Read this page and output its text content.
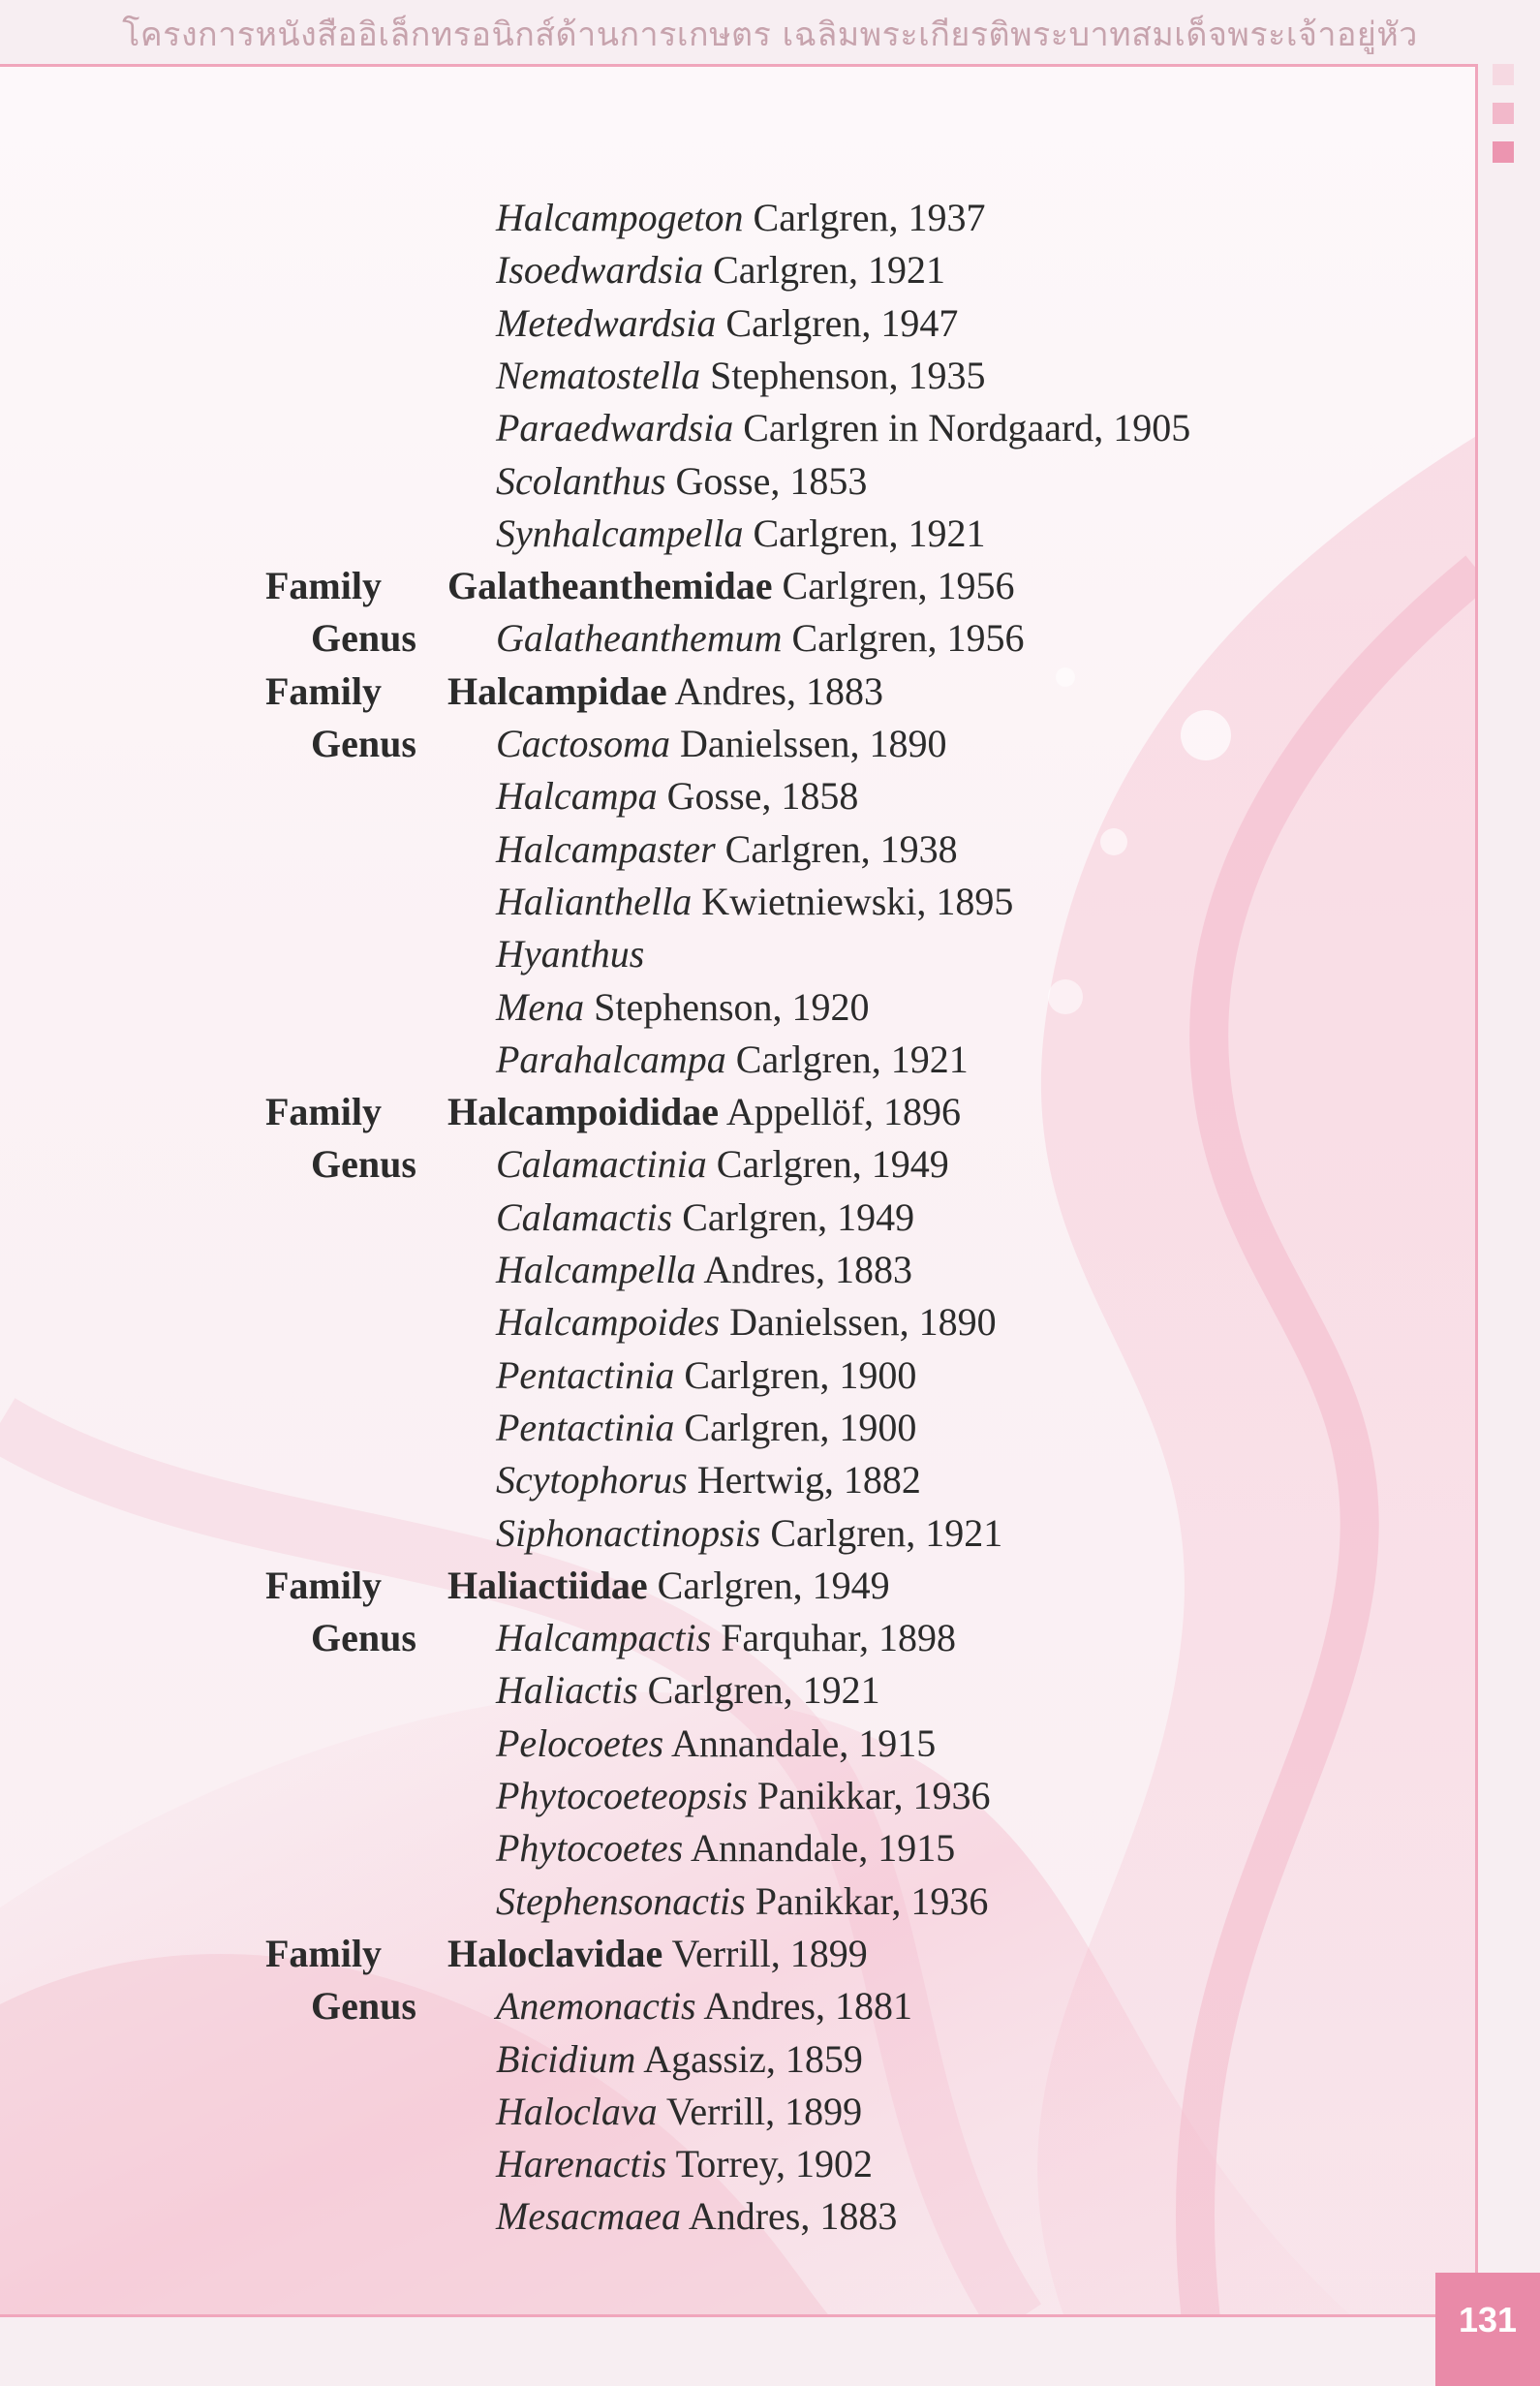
โครงการหนังสืออิเล็กทรอนิกส์ด้านการเกษตร เฉลิมพระเกียรติพระบาทสมเด็จพระเจ้าอยู่หัว
Halcampogeton Carlgren, 1937
Isoedwardsia Carlgren, 1921
Metedwardsia Carlgren, 1947
Nematostella Stephenson, 1935
Paraedwardsia Carlgren in Nordgaard, 1905
Scolanthus Gosse, 1853
Synhalcampella Carlgren, 1921
Family Galatheanthemidae Carlgren, 1956
Genus Galatheanthemum Carlgren, 1956
Family Halcampidae Andres, 1883
Genus Cactosoma Danielssen, 1890
Halcampa Gosse, 1858
Halcampaster Carlgren, 1938
Halianthella Kwietniewski, 1895
Hyanthus
Mena Stephenson, 1920
Parahalcampa Carlgren, 1921
Family Halcampoididae Appellöf, 1896
Genus Calamactinia Carlgren, 1949
Calamactis Carlgren, 1949
Halcampella Andres, 1883
Halcampoides Danielssen, 1890
Pentactinia Carlgren, 1900
Pentactinia Carlgren, 1900
Scytophorus Hertwig, 1882
Siphonactinopsis Carlgren, 1921
Family Haliactiidae Carlgren, 1949
Genus Halcampactis Farquhar, 1898
Haliactis Carlgren, 1921
Pelocoetes Annandale, 1915
Phytocoeteopsis Panikkar, 1936
Phytocoetes Annandale, 1915
Stephensonactis Panikkar, 1936
Family Haloclavidae Verrill, 1899
Genus Anemonactis Andres, 1881
Bicidium Agassiz, 1859
Haloclava Verrill, 1899
Harenactis Torrey, 1902
Mesacmaea Andres, 1883
131
